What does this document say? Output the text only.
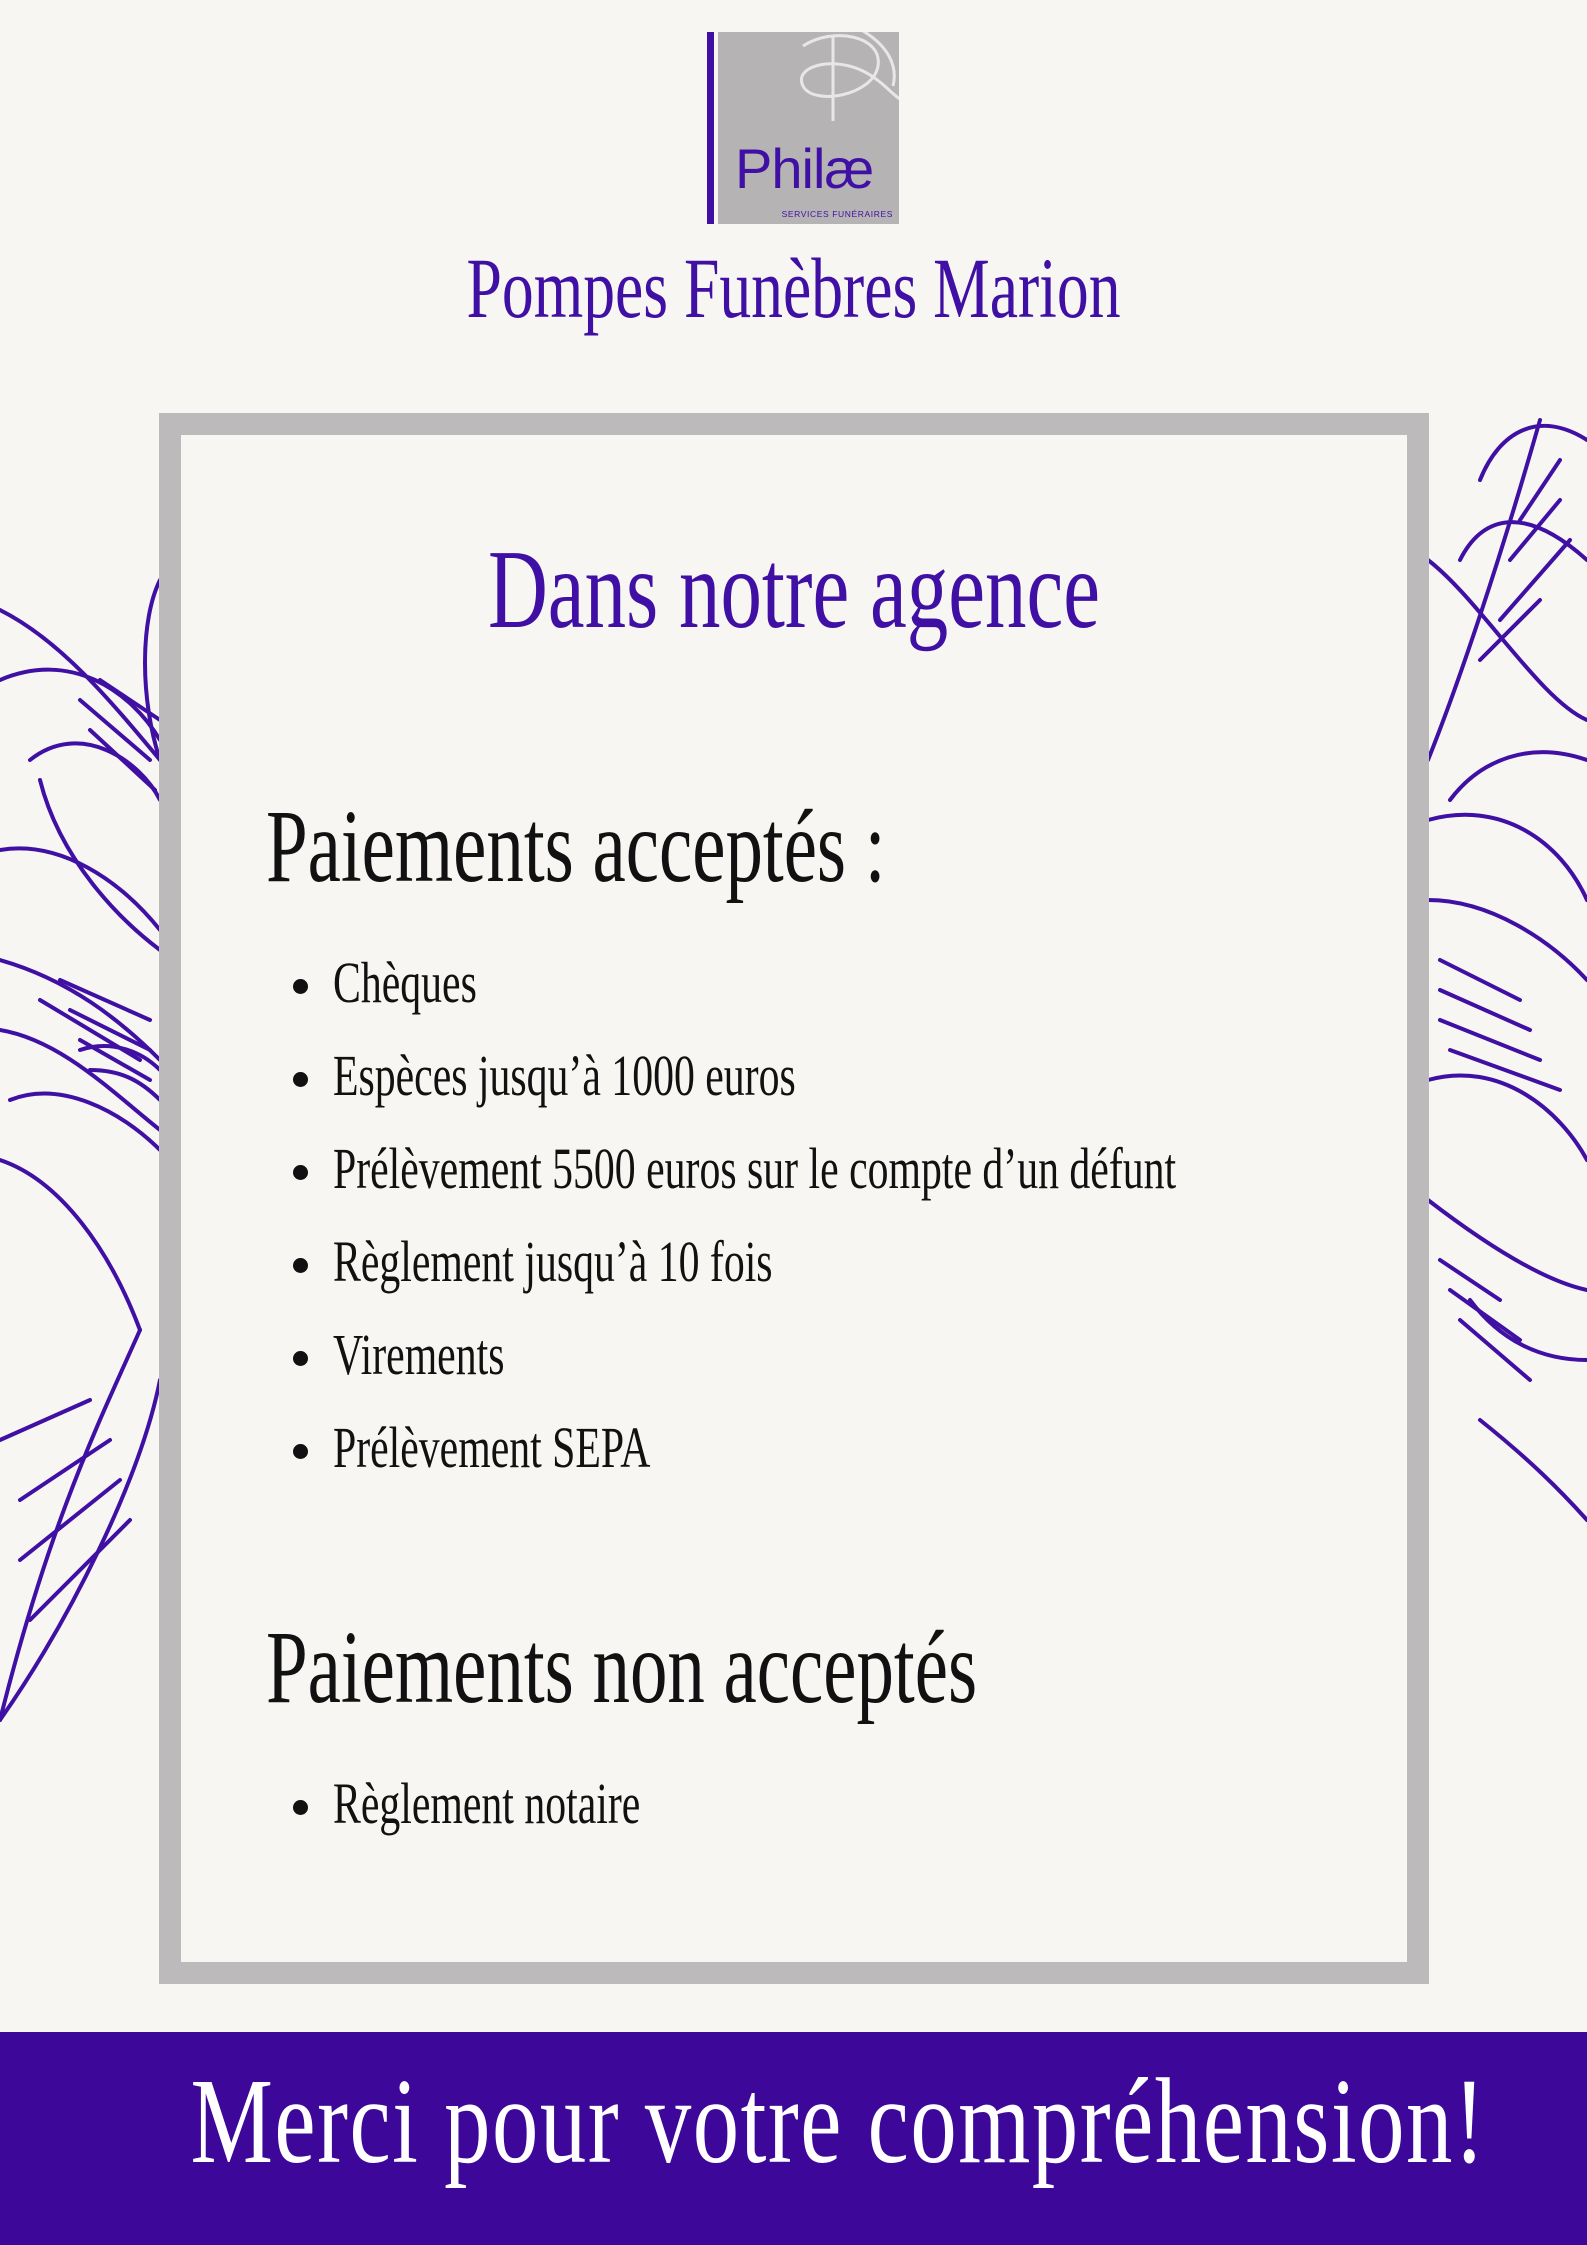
Philæ
SERVICES FUNÉRAIRES
Pompes Funèbres Marion
Dans notre agence
Paiements acceptés :
Chèques
Espèces jusqu’à 1000 euros
Prélèvement 5500 euros sur le compte d’un défunt
Règlement jusqu’à 10 fois
Virements
Prélèvement SEPA
Paiements non acceptés
Règlement notaire
Merci pour votre compréhension!
